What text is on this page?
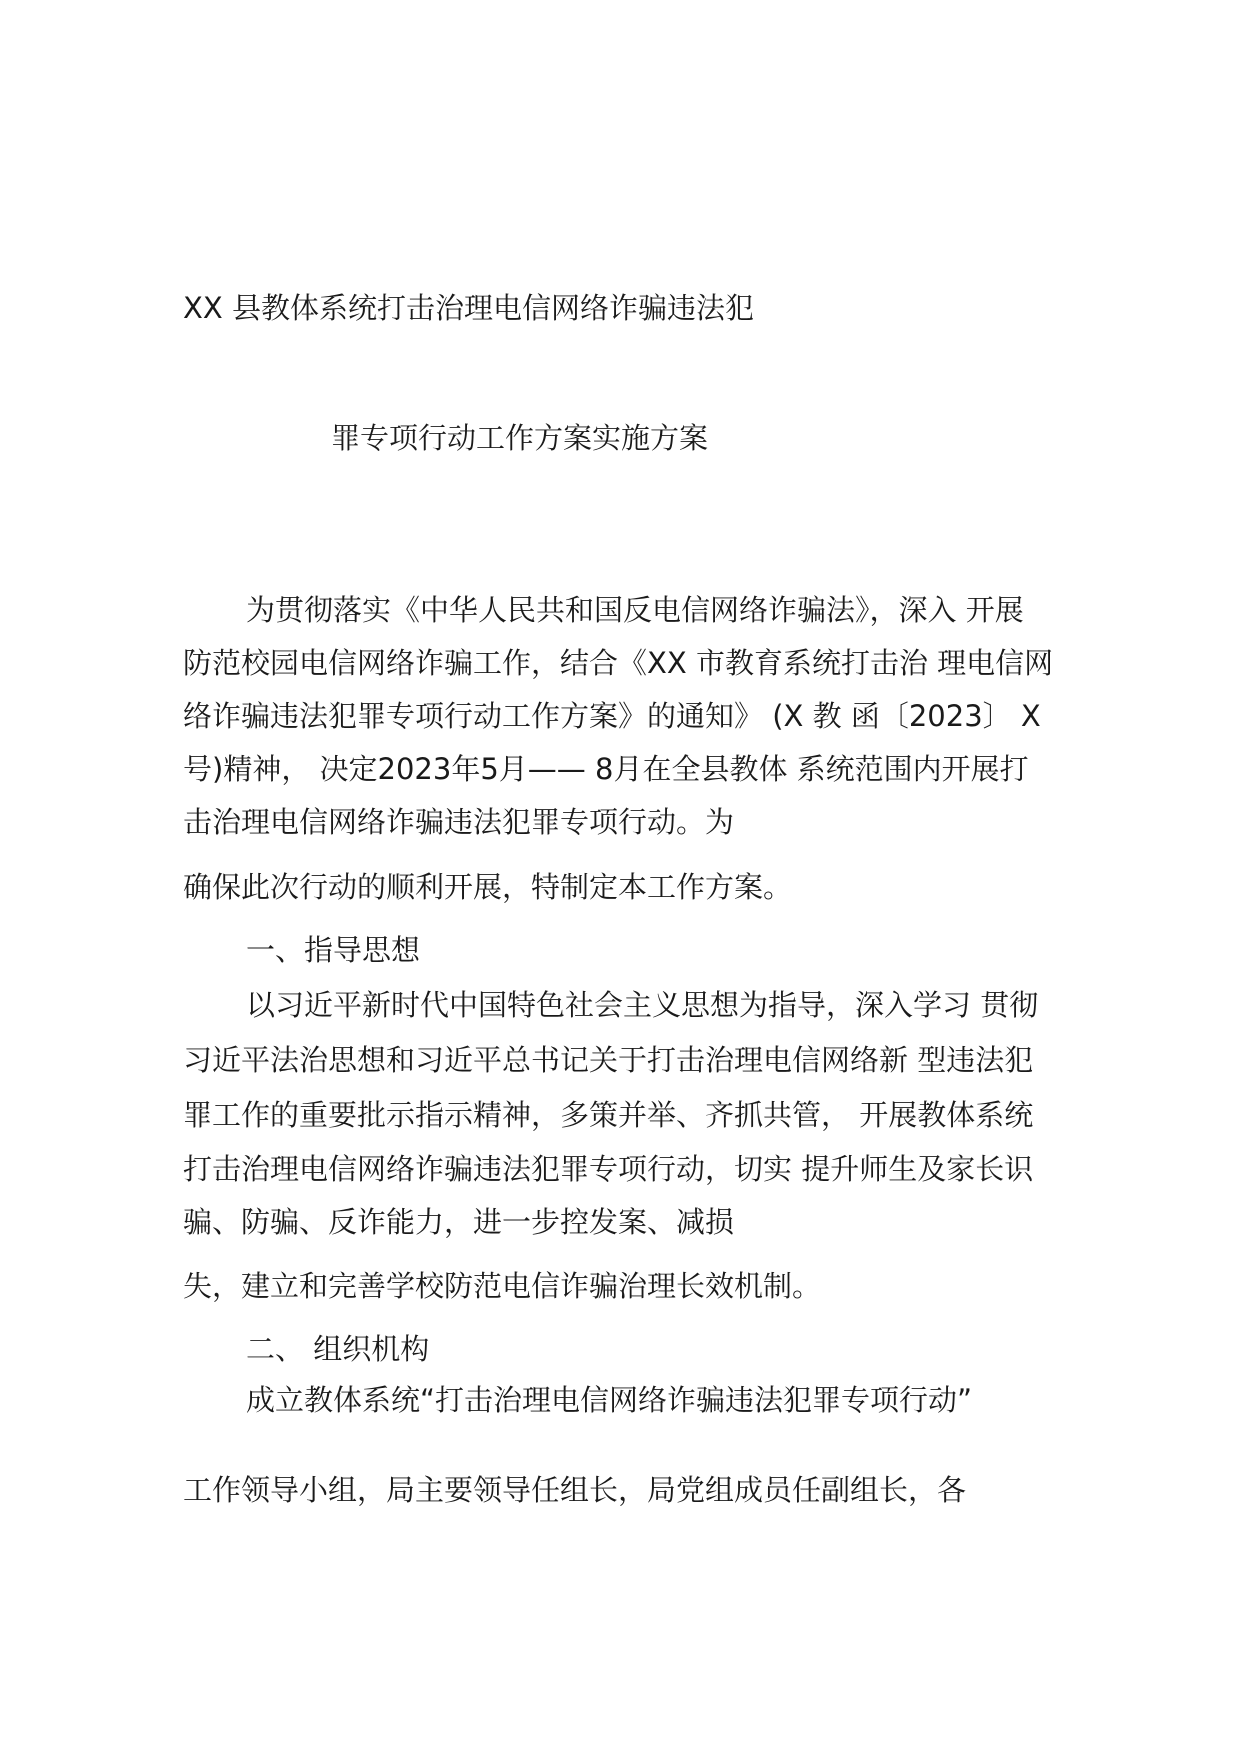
XX 县教体系统打击治理电信网络诈骗违法犯

罪专项行动工作方案实施方案

为贯彻落实《中华人民共和国反电信网络诈骗法》，深入 开展

防范校园电信网络诈骗工作，结合《XX 市教育系统打击治 理电信网

络诈骗违法犯罪专项行动工作方案》的通知》 (X 教 函〔2023〕 X

号)精神， 决定2023年5月—— 8月在全县教体 系统范围内开展打

击治理电信网络诈骗违法犯罪专项行动。为

确保此次行动的顺利开展，特制定本工作方案。

一、指导思想

以习近平新时代中国特色社会主义思想为指导，深入学习 贯彻

习近平法治思想和习近平总书记关于打击治理电信网络新 型违法犯

罪工作的重要批示指示精神，多策并举、齐抓共管， 开展教体系统

打击治理电信网络诈骗违法犯罪专项行动，切实 提升师生及家长识

骗、防骗、反诈能力，进一步控发案、减损

失，建立和完善学校防范电信诈骗治理长效机制。

二、 组织机构

成立教体系统“打击治理电信网络诈骗违法犯罪专项行动”

工作领导小组，局主要领导任组长，局党组成员任副组长，各
